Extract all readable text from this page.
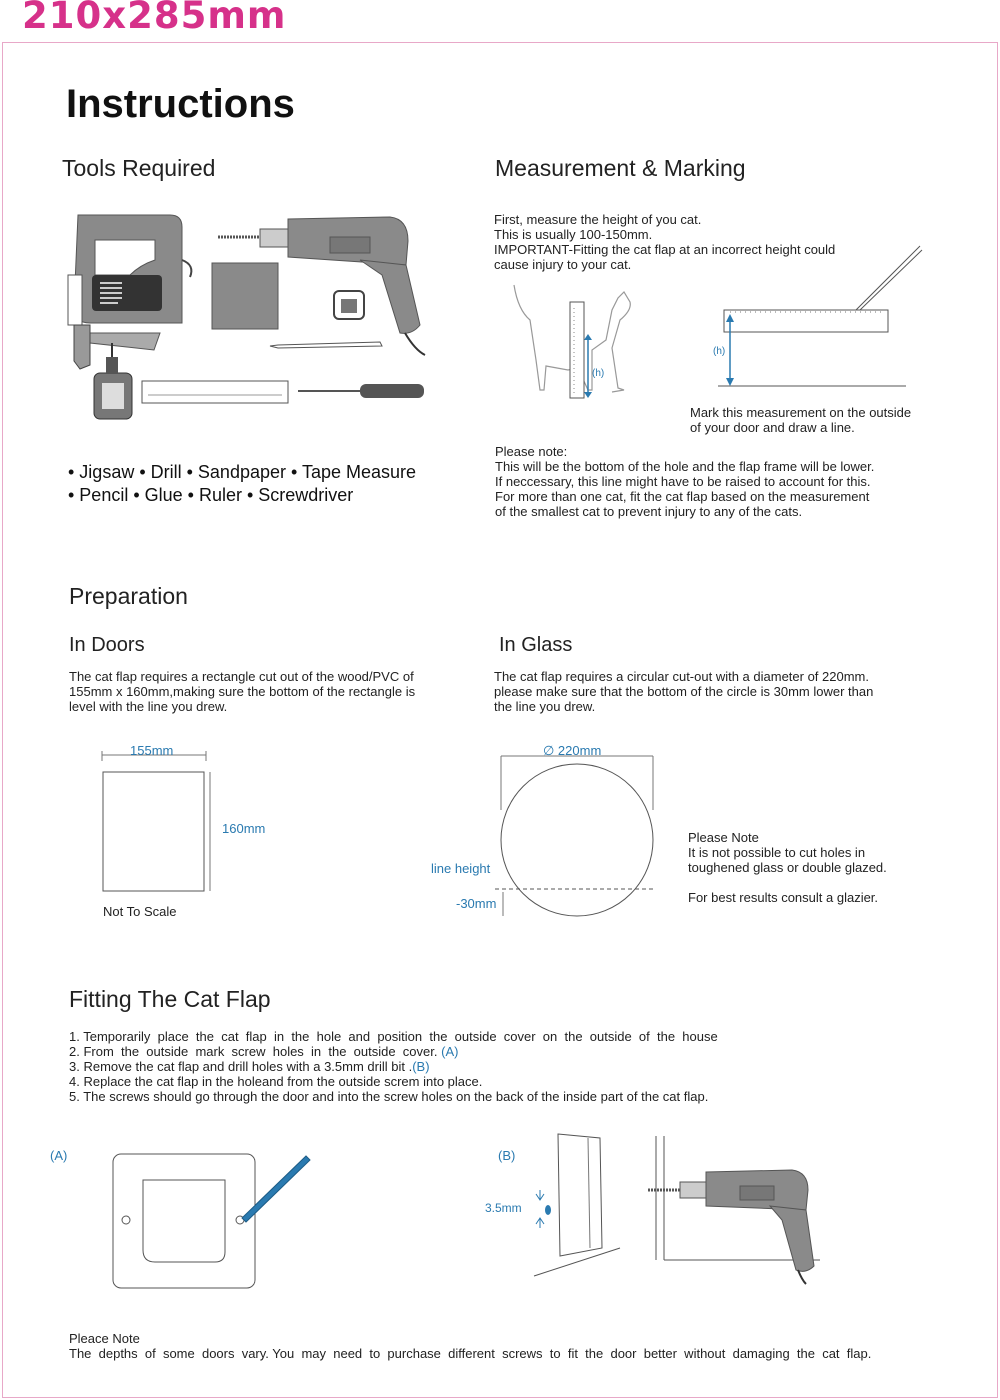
210x285mm
Instructions
Tools Required
• Jigsaw • Drill • Sandpaper • Tape Measure
• Pencil • Glue • Ruler • Screwdriver
Measurement & Marking
First, measure the height of you cat.
This is usually 100-150mm.
IMPORTANT-Fitting the cat flap at an incorrect height could
cause injury to your cat.
(h)
(h)
Mark this measurement on the outside
of your door and draw a line.
Please note:
This will be the bottom of the hole and the flap frame will be lower.
If neccessary, this line might have to be raised to account for this.
For more than one cat, fit the cat flap based on the measurement
of the smallest cat to prevent injury to any of the cats.
Preparation
In Doors
The cat flap requires a rectangle cut out of the wood/PVC of
155mm x 160mm,making sure the bottom of the rectangle is
level with the line you drew.
In Glass
The cat flap requires a circular cut-out with a diameter of 220mm.
please make sure that the bottom of the circle is 30mm lower than
the line you drew.
155mm
160mm
Not To Scale
∅ 220mm
line height
-30mm
Please Note
It is not possible to cut holes in
toughened glass or double glazed.

For best results consult a glazier.
Fitting The Cat Flap
1. Temporarily  place  the  cat  flap  in  the  hole  and  position  the  outside  cover  on  the  outside  of  the  house
2. From  the  outside  mark  screw  holes  in  the  outside  cover. (A)
3. Remove the cat flap and drill holes with a 3.5mm drill bit .(B)
4. Replace the cat flap in the holeand from the outside screm into place.
5. The screws should go through the door and into the screw holes on the back of the inside part of the cat flap.
(A)	(B)
3.5mm
Pleace Note
The  depths  of  some  doors  vary. You  may  need  to  purchase  different  screws  to  fit  the  door  better  without  damaging  the  cat  flap.
